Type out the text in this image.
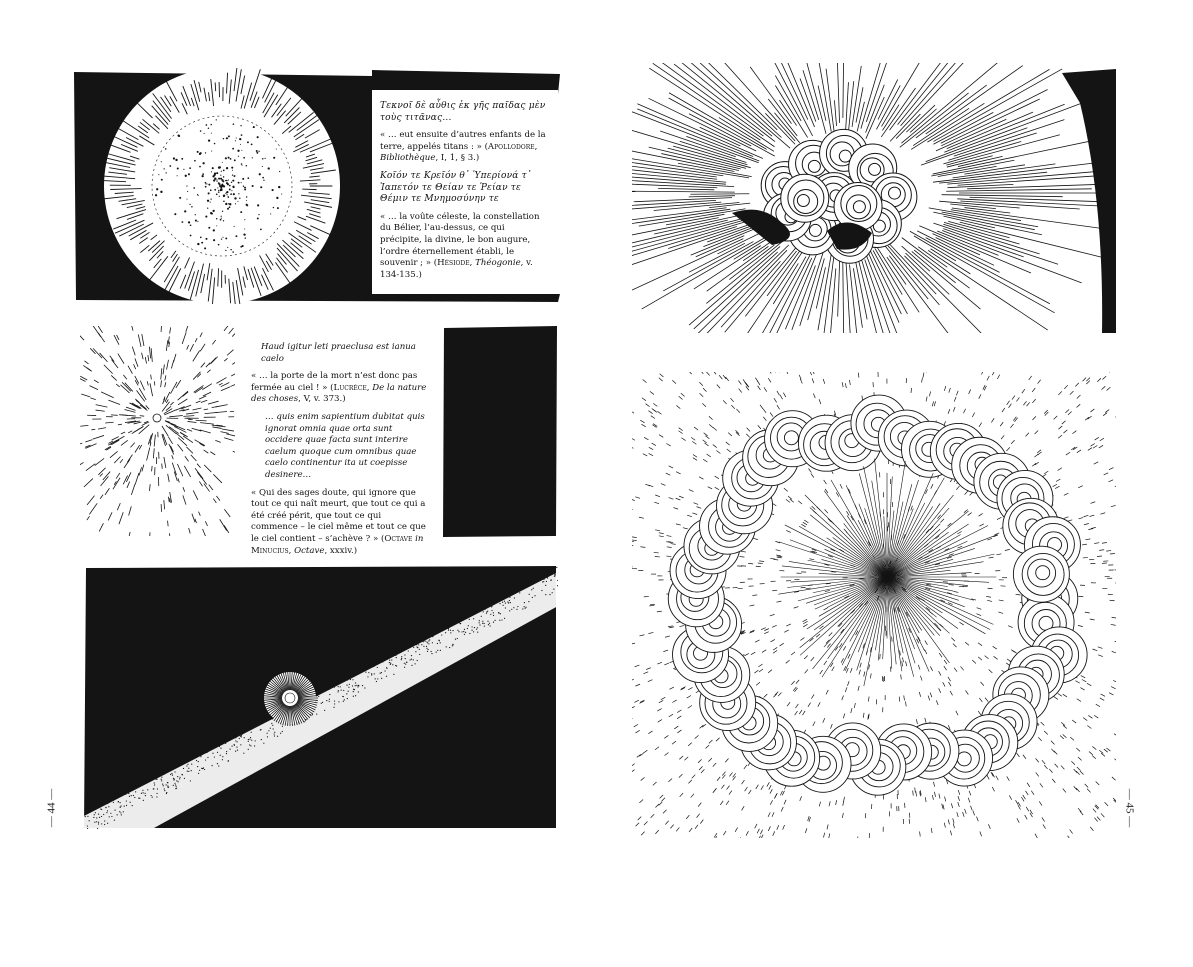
Τεκνοῖ δὲ αὖθις ἐκ γῆς παῖδας μὲν τοὺς τιτᾶνας...

« … eut ensuite d’autres enfants de la terre, appelés titans : » (Apollodore, Bibliothèque, I, 1, § 3.)

Κοῖόν τε Κρεῖόν θ᾽ Ὑπερίονά τ᾽ Ἰαπετόν τε Θείαν τε Ῥείαν τε Θέμιν τε Μνημοσύνην τε

« … la voûte céleste, la constellation du Bélier, l’au-dessus, ce qui précipite, la divine, le bon augure, l’ordre éternellement établi, le souvenir ; » (Hésiode, Théogonie, v. 134-135.)

Haud igitur leti praeclusa est ianua caelo

« … la porte de la mort n’est donc pas fermée au ciel ! » (Lucrèce, De la nature des choses, V, v. 373.)

… quis enim sapientium dubitat quis ignorat omnia quae orta sunt occidere quae facta sunt interire caelum quoque cum omnibus quae caelo continentur ita ut coepisse desinere…

« Qui des sages doute, qui ignore que tout ce qui naît meurt, que tout ce qui a été créé périt, que tout ce qui commence – le ciel même et tout ce que le ciel contient – s’achève ? » (Octave in Minucius, Octave, xxxiv.)

— 44 —	— 45 —
